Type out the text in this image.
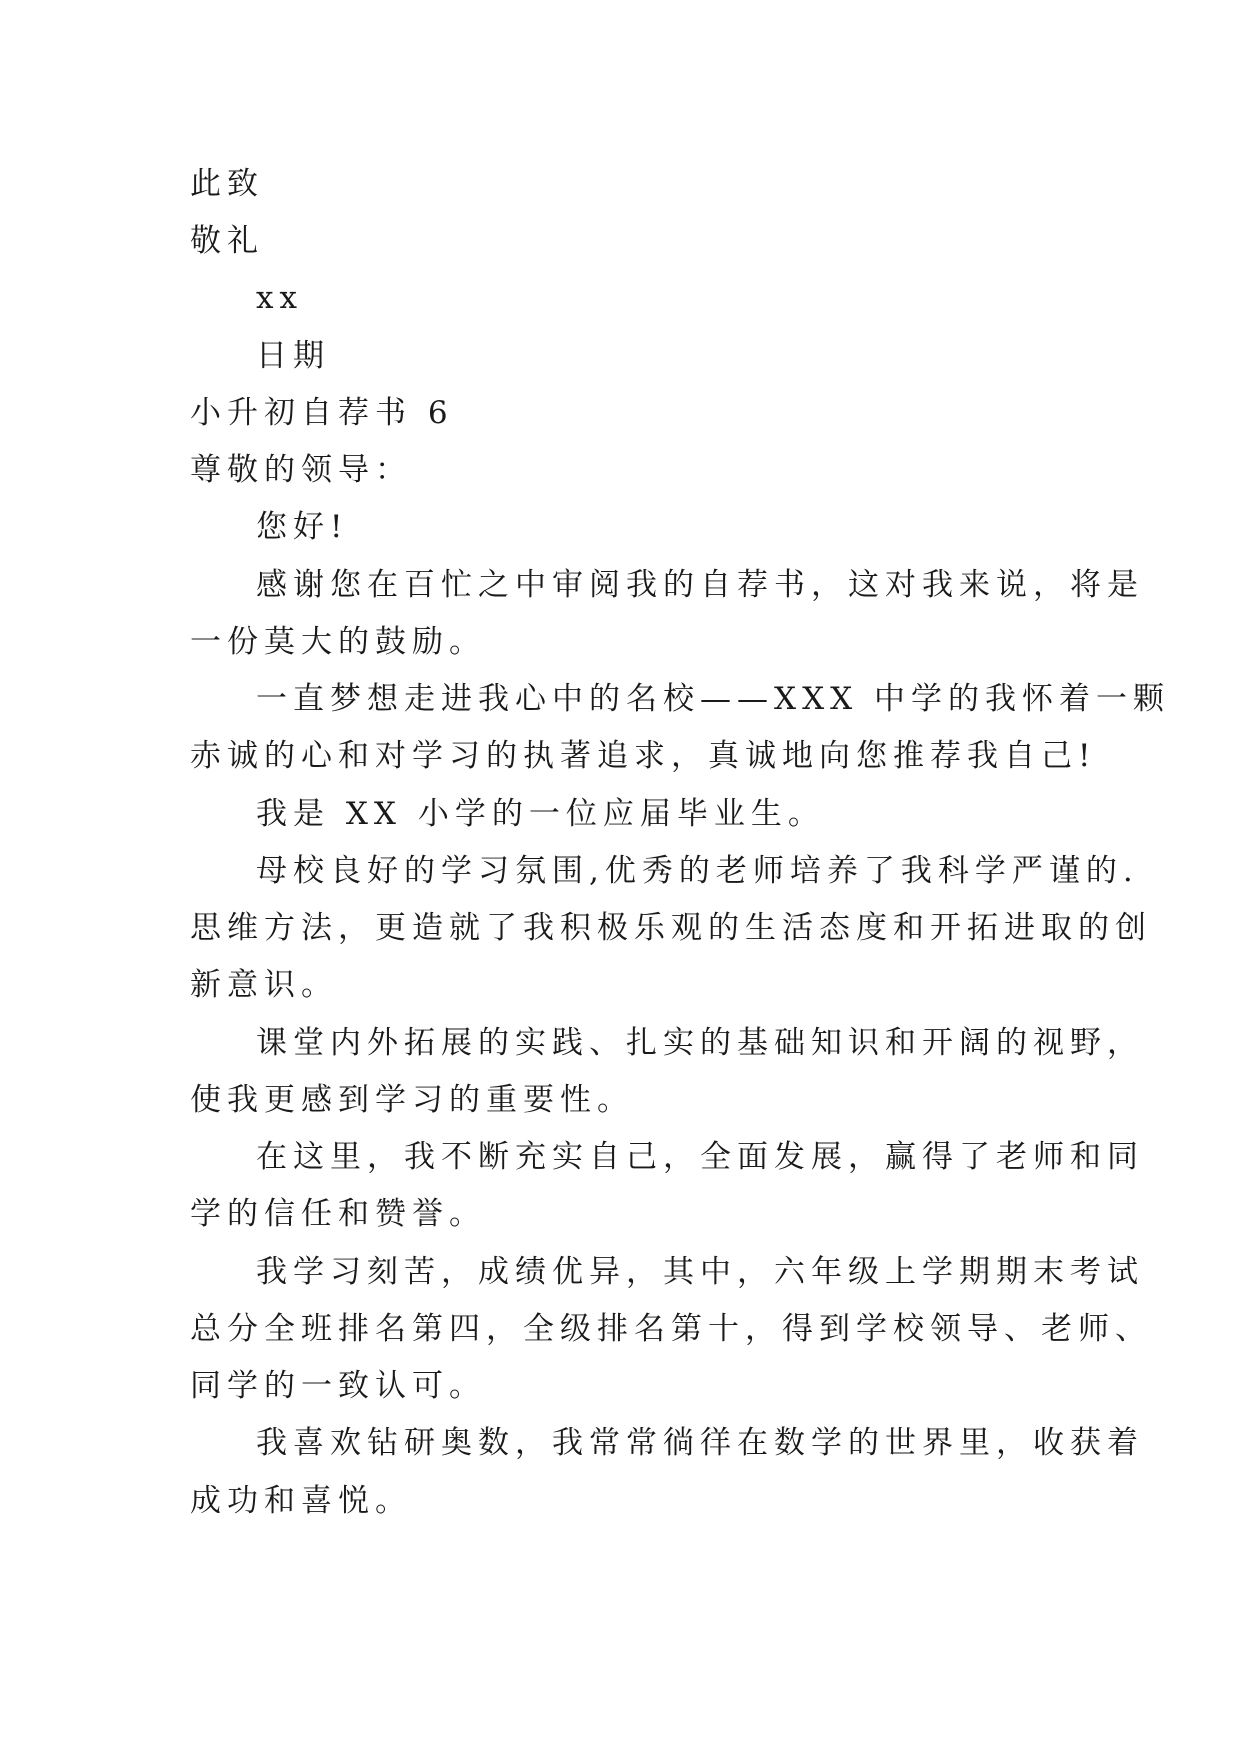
此致
敬礼
xx
日期
小升初自荐书 6
尊敬的领导：
您好!
感谢您在百忙之中审阅我的自荐书，这对我来说，将是
一份莫大的鼓励。
一直梦想走进我心中的名校——XXX 中学的我怀着一颗
赤诚的心和对学习的执著追求，真诚地向您推荐我自己!
我是 XX 小学的一位应届毕业生。
母校良好的学习氛围,优秀的老师培养了我科学严谨的.
思维方法，更造就了我积极乐观的生活态度和开拓进取的创
新意识。
课堂内外拓展的实践、扎实的基础知识和开阔的视野，
使我更感到学习的重要性。
在这里，我不断充实自己，全面发展，赢得了老师和同
学的信任和赞誉。
我学习刻苦，成绩优异，其中，六年级上学期期末考试
总分全班排名第四，全级排名第十，得到学校领导、老师、
同学的一致认可。
我喜欢钻研奥数，我常常徜徉在数学的世界里，收获着
成功和喜悦。
